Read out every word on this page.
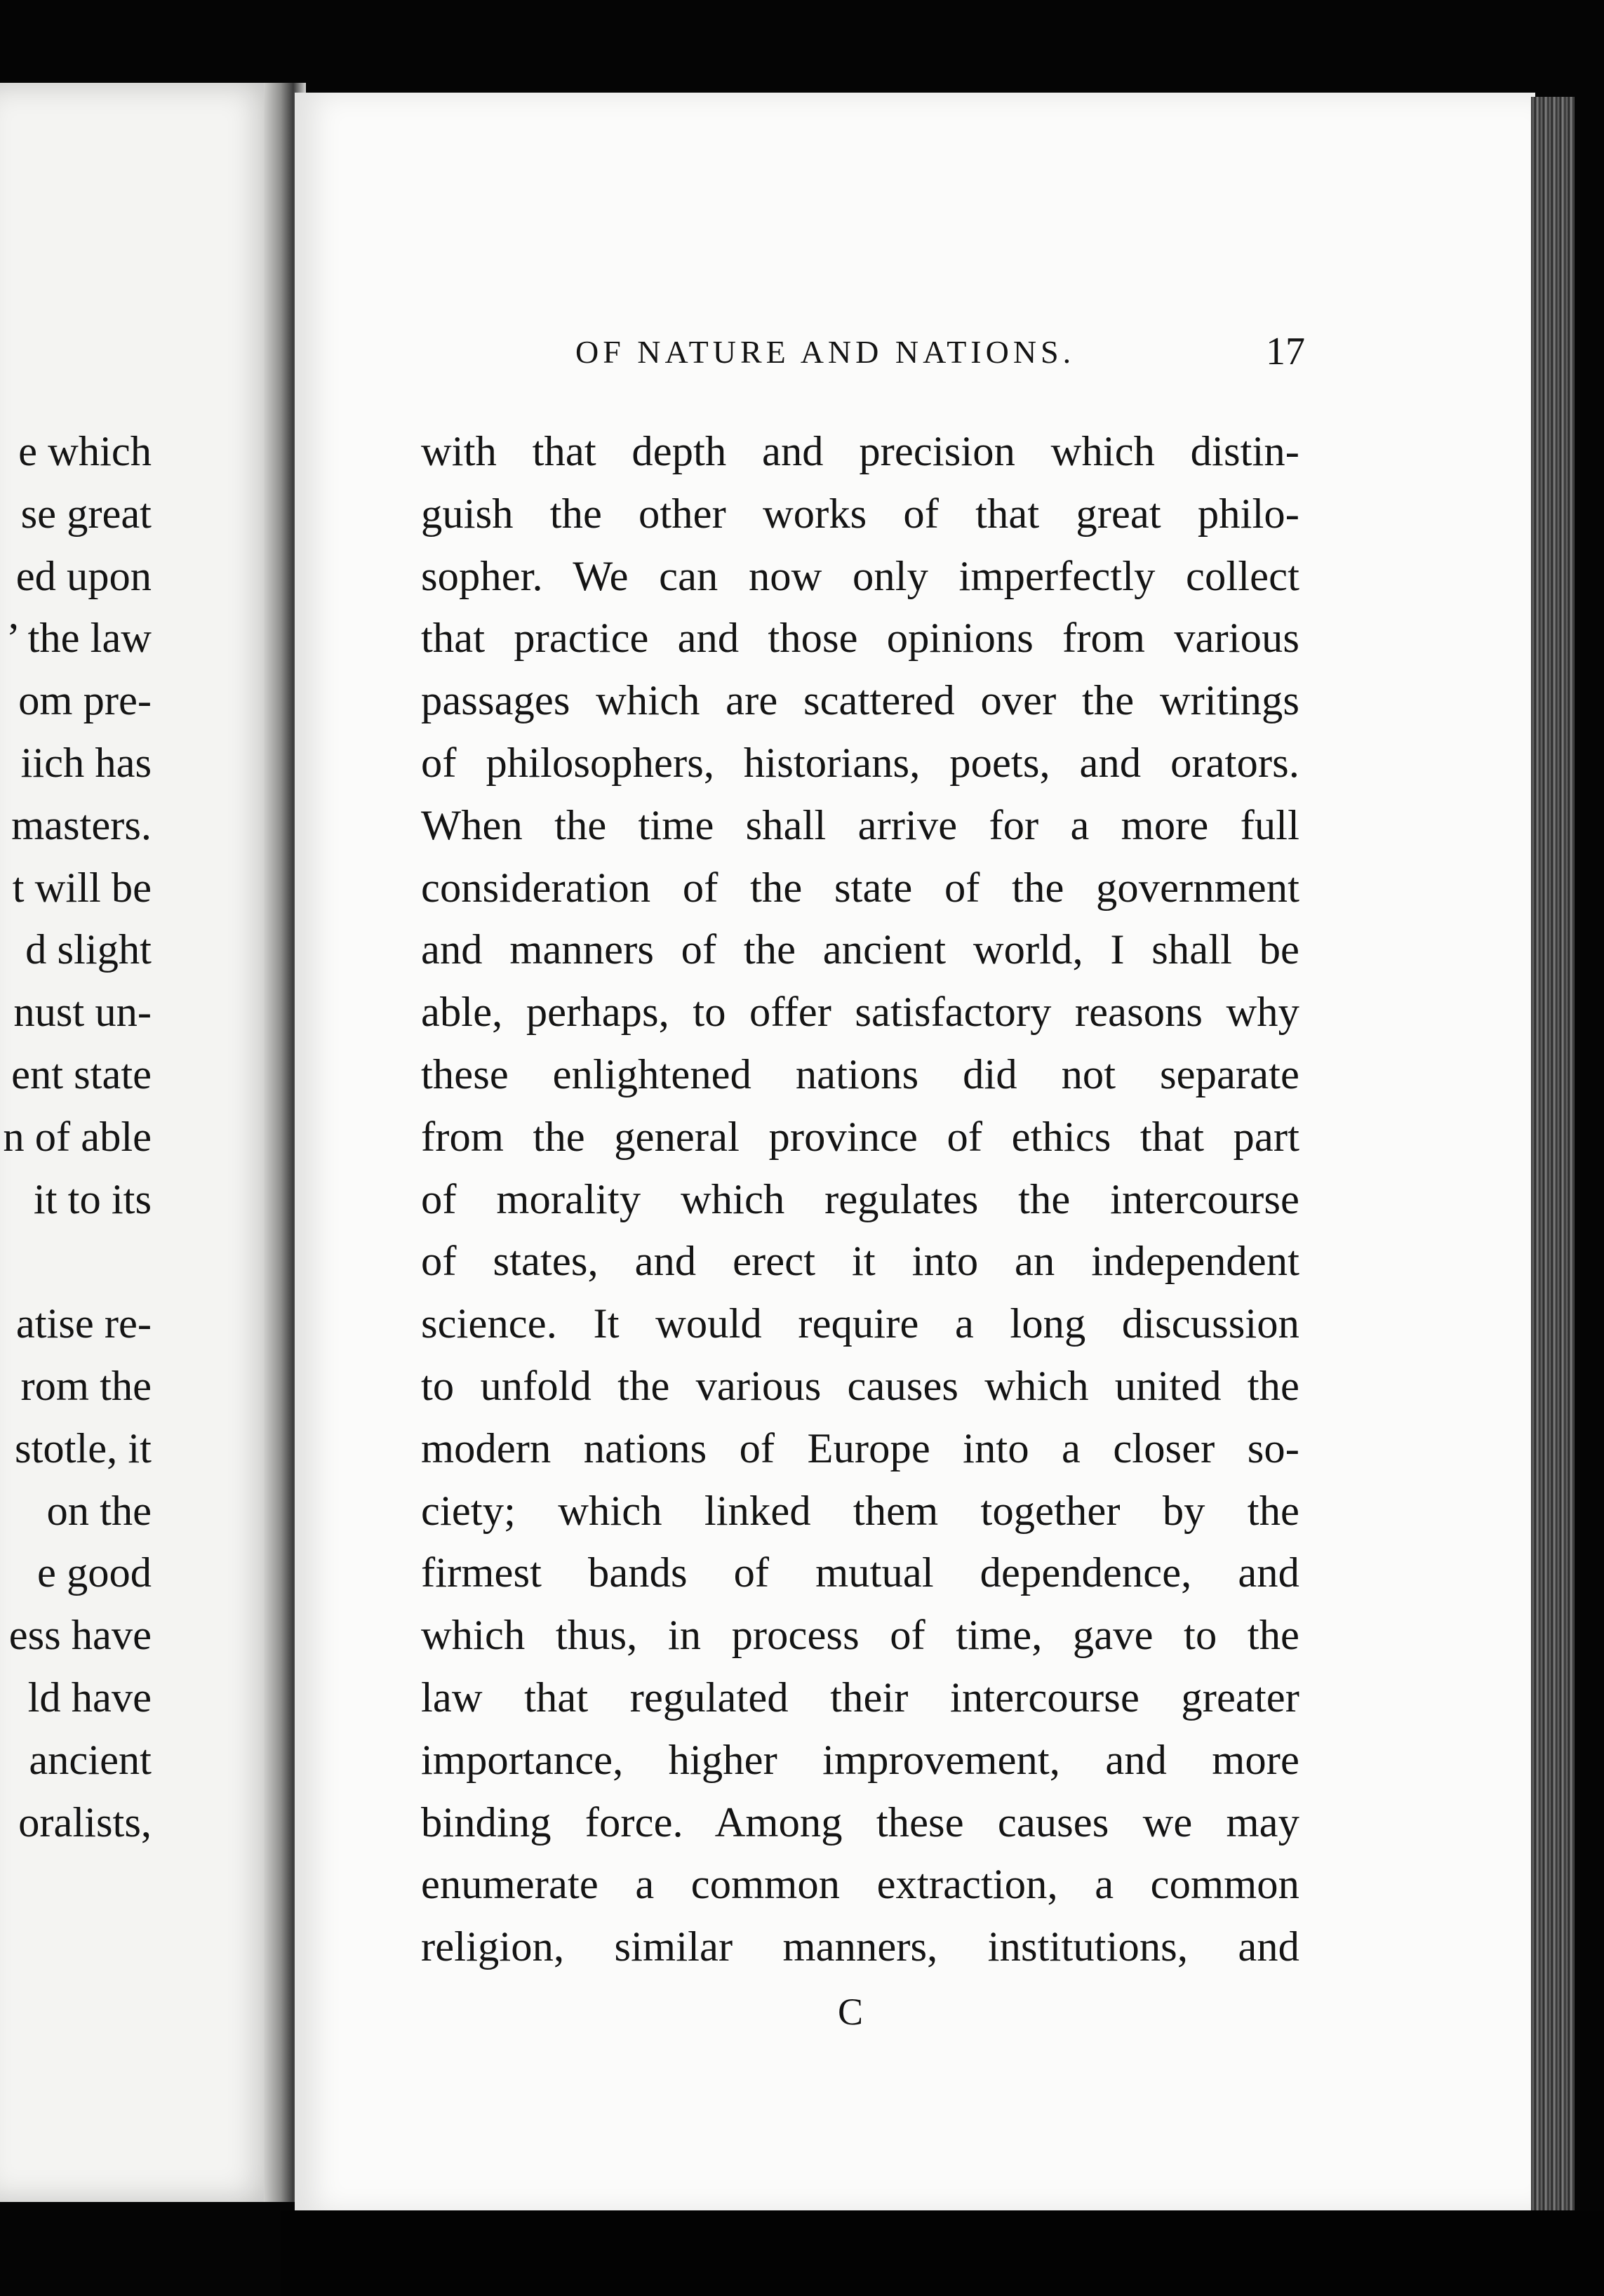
e which
se great
ed upon
’ the law
om pre-
iich has
masters.
t will be
d slight
nust un-
ent state
n of able
it to its
atise re-
rom the
stotle, it
on the
e good
ess have
ld have
ancient
oralists,
OF NATURE AND NATIONS.	17
with that depth and precision which distin-
guish the other works of that great philo-
sopher. We can now only imperfectly collect
that practice and those opinions from various
passages which are scattered over the writings
of philosophers, historians, poets, and orators.
When the time shall arrive for a more full
consideration of the state of the government
and manners of the ancient world, I shall be
able, perhaps, to offer satisfactory reasons why
these enlightened nations did not separate
from the general province of ethics that part
of morality which regulates the intercourse
of states, and erect it into an independent
science. It would require a long discussion
to unfold the various causes which united the
modern nations of Europe into a closer so-
ciety; which linked them together by the
firmest bands of mutual dependence, and
which thus, in process of time, gave to the
law that regulated their intercourse greater
importance, higher improvement, and more
binding force. Among these causes we may
enumerate a common extraction, a common
religion, similar manners, institutions, and
C
